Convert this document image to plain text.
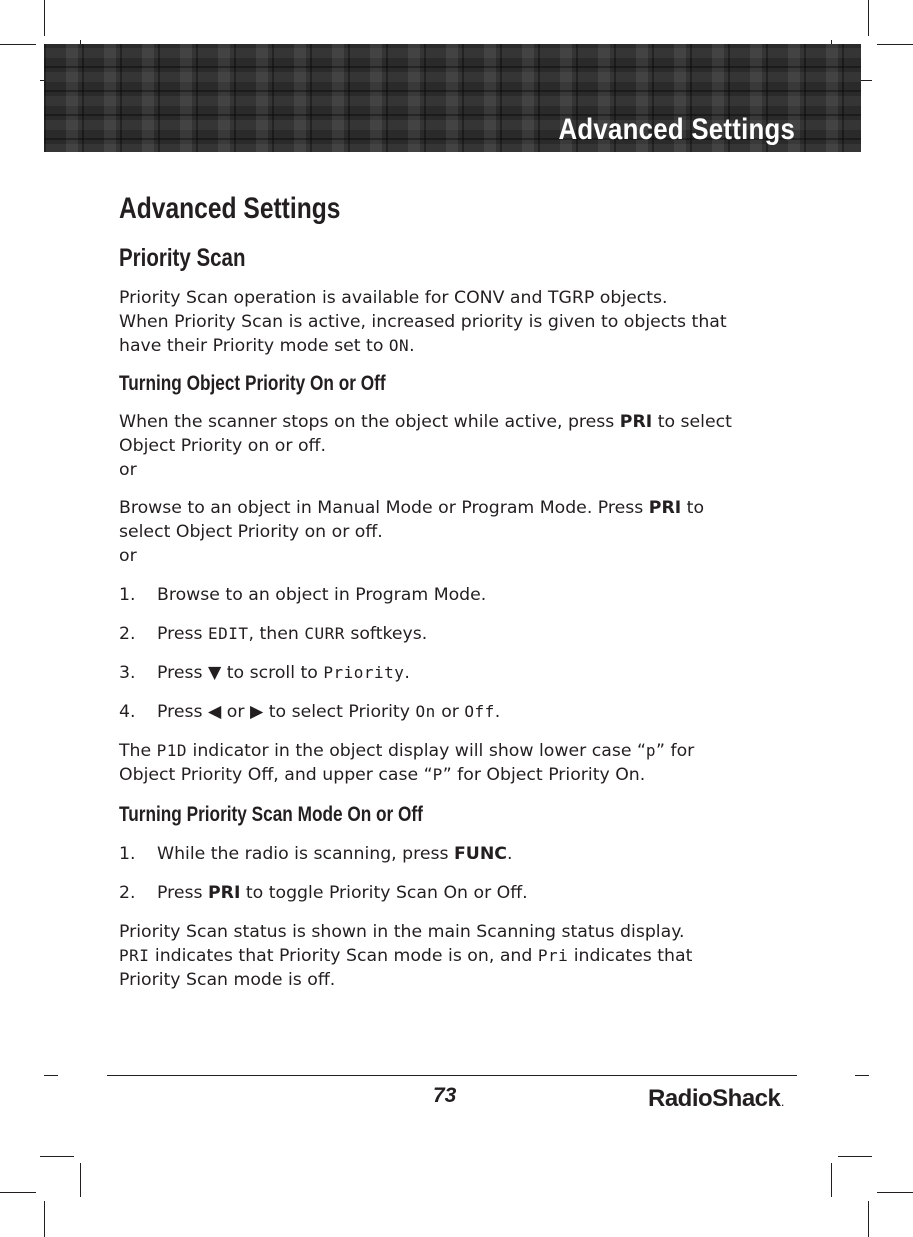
Advanced Settings
Advanced Settings
Priority Scan

Priority Scan operation is available for CONV and TGRP objects.
When Priority Scan is active, increased priority is given to objects that
have their Priority mode set to ON.

Turning Object Priority On or Off

When the scanner stops on the object while active, press PRI to select
Object Priority on or off.

or

Browse to an object in Manual Mode or Program Mode. Press PRI to
select Object Priority on or off.

or

1.	Browse to an object in Program Mode.
2.	Press EDIT, then CURR softkeys.
3.	Press ▼ to scroll to Priority.
4.	Press ◀ or ▶ to select Priority On or Off.

The P1D indicator in the object display will show lower case “p” for
Object Priority Off, and upper case “P” for Object Priority On.

Turning Priority Scan Mode On or Off
1.	While the radio is scanning, press FUNC.
2.	Press PRI to toggle Priority Scan On or Off.

Priority Scan status is shown in the main Scanning status display.
PRI indicates that Priority Scan mode is on, and Pri indicates that
Priority Scan mode is off.

73	RadioShack.
